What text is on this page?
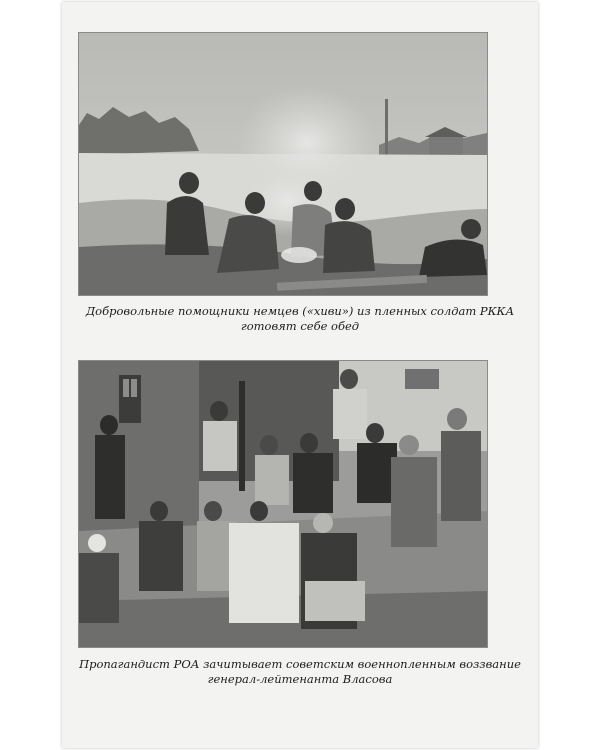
Добровольные помощники немцев («хиви») из пленных солдат РККА
готовят себе обед
Пропагандист РОА зачитывает советским военнопленным воззвание
генерал-лейтенанта Власова
